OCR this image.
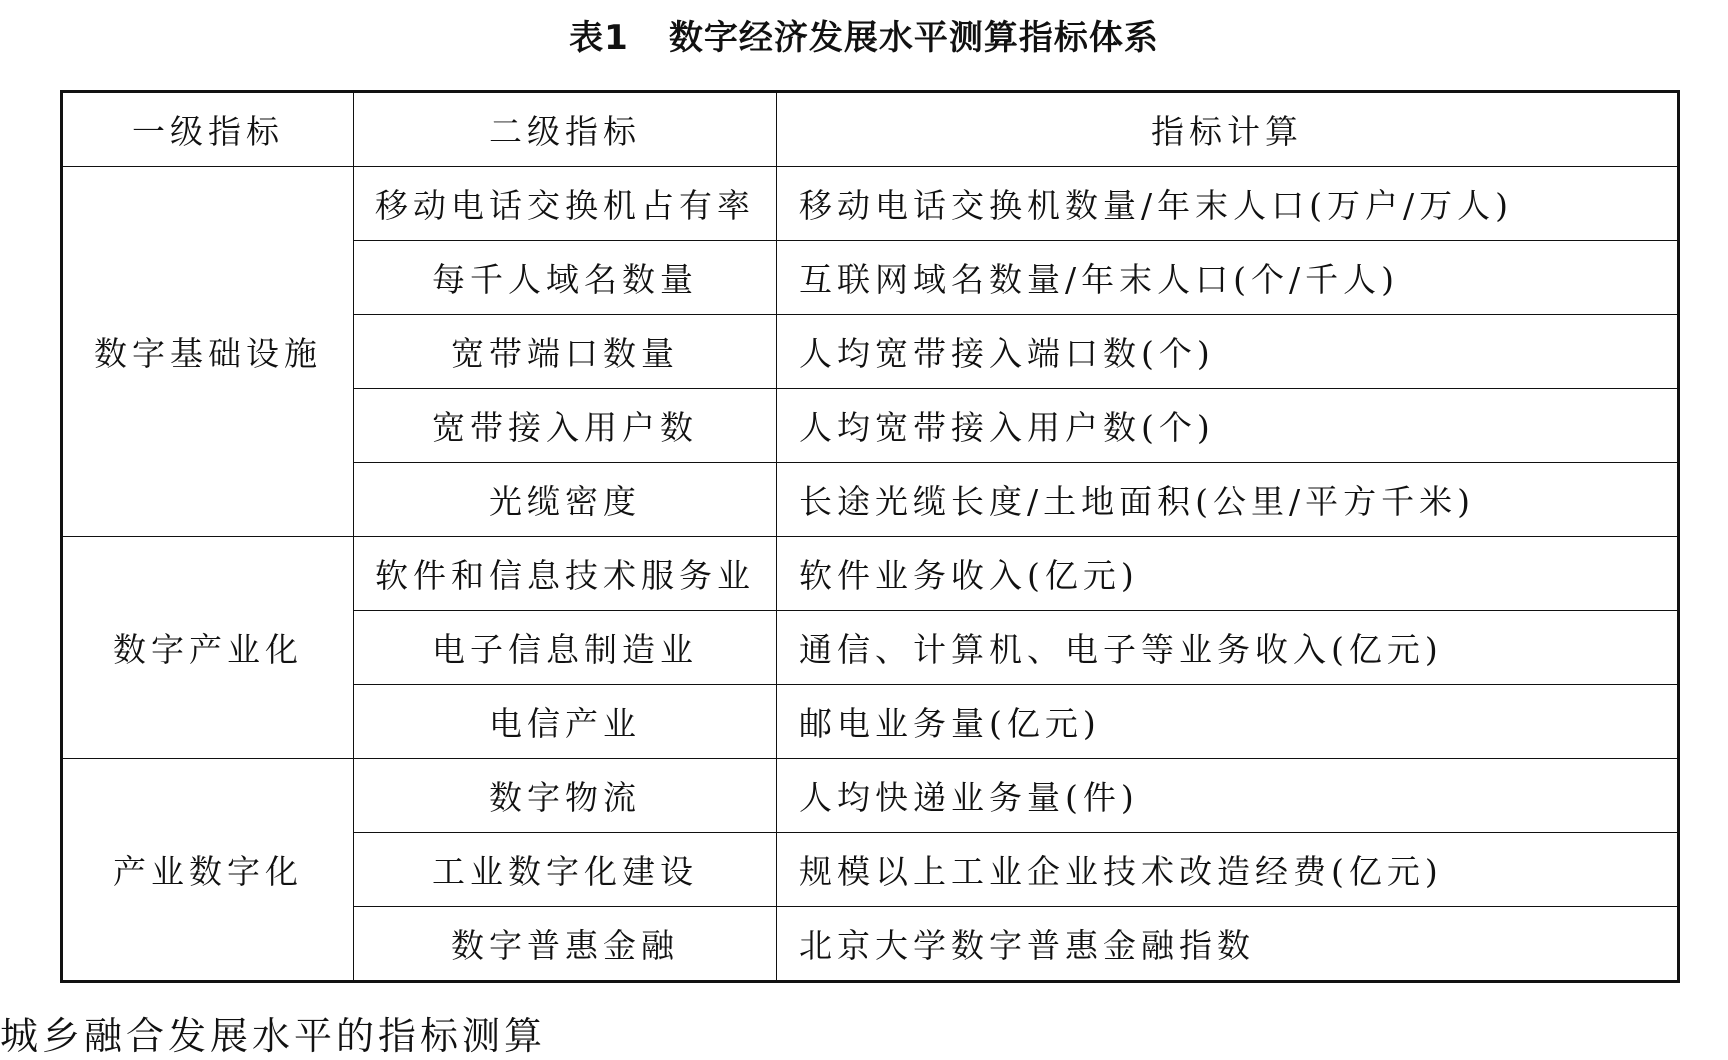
表1 数字经济发展水平测算指标体系
一级指标	二级指标	指标计算
数字基础设施	移动电话交换机占有率	移动电话交换机数量/年末人口(万户/万人)
	每千人域名数量	互联网域名数量/年末人口(个/千人)
	宽带端口数量	人均宽带接入端口数(个)
	宽带接入用户数	人均宽带接入用户数(个)
	光缆密度	长途光缆长度/土地面积(公里/平方千米)
数字产业化	软件和信息技术服务业	软件业务收入(亿元)
	电子信息制造业	通信、计算机、电子等业务收入(亿元)
	电信产业	邮电业务量(亿元)
产业数字化	数字物流	人均快递业务量(件)
	工业数字化建设	规模以上工业企业技术改造经费(亿元)
	数字普惠金融	北京大学数字普惠金融指数
城乡融合发展水平的指标测算
